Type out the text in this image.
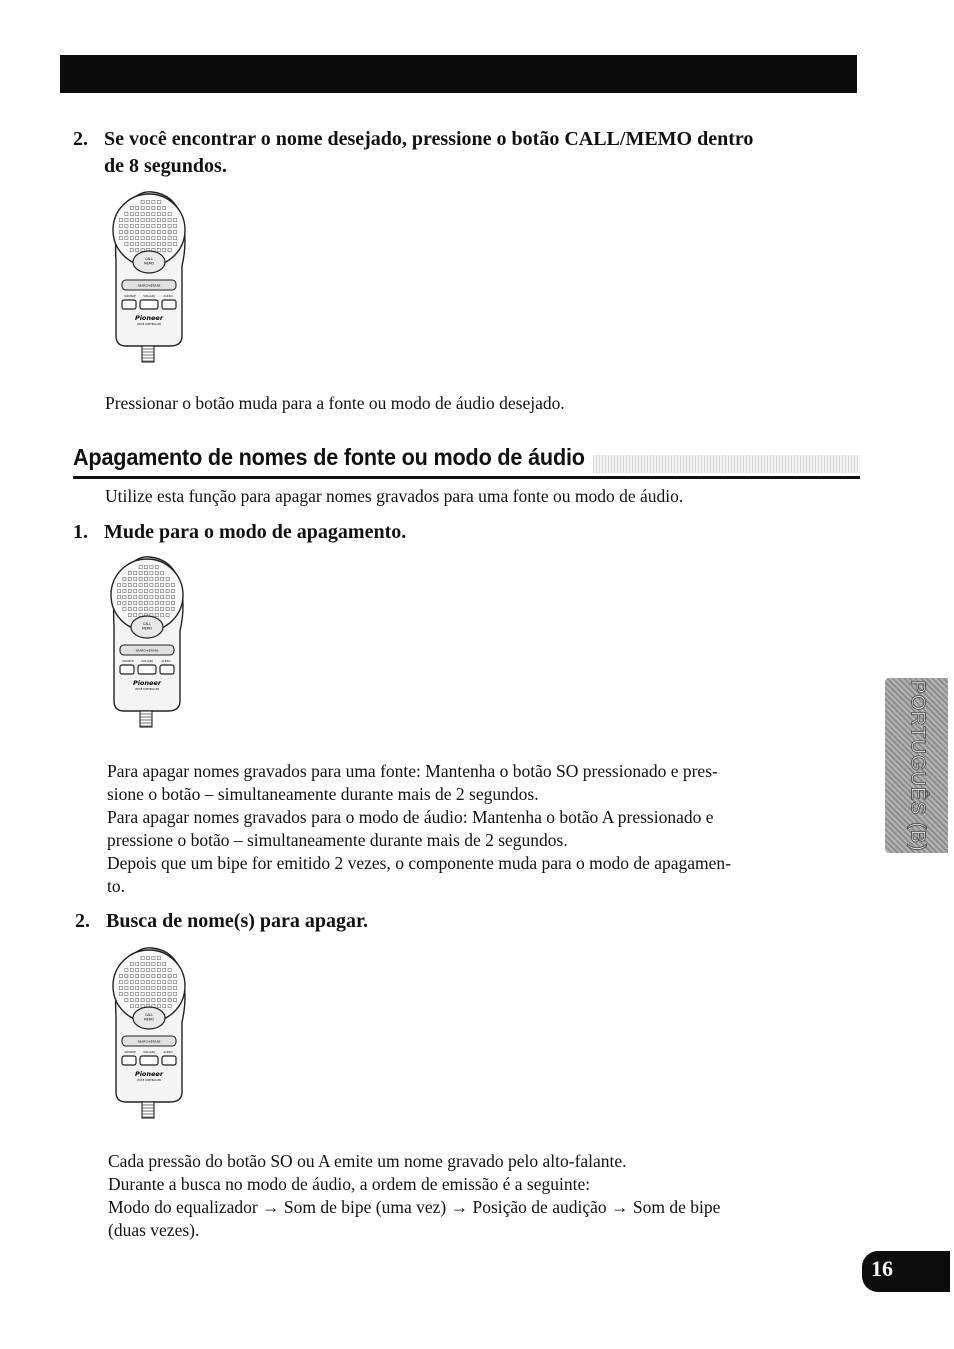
2. Se você encontrar o nome desejado, pressione o botão CALL/MEMO dentro
de 8 segundos.
CALL
MEMO
SEARCH/ERASE
SOURCE	VOL/ADJ	AUDIO
Pioneer
VOICE CONTROLLER
Pressionar o botão muda para a fonte ou modo de áudio desejado.
Apagamento de nomes de fonte ou modo de áudio
Utilize esta função para apagar nomes gravados para uma fonte ou modo de áudio.
1. Mude para o modo de apagamento.
CALL
MEMO
SEARCH/ERASE
SOURCE	VOL/ADJ	AUDIO
Pioneer
VOICE CONTROLLER
Para apagar nomes gravados para uma fonte: Mantenha o botão SO pressionado e pres-
sione o botão – simultaneamente durante mais de 2 segundos.
Para apagar nomes gravados para o modo de áudio: Mantenha o botão A pressionado e
pressione o botão – simultaneamente durante mais de 2 segundos.
Depois que um bipe for emitido 2 vezes, o componente muda para o modo de apagamen-
to.
2. Busca de nome(s) para apagar.
CALL
MEMO
SEARCH/ERASE
SOURCE	VOL/ADJ	AUDIO
Pioneer
VOICE CONTROLLER
Cada pressão do botão SO ou A emite um nome gravado pelo alto-falante.
Durante a busca no modo de áudio, a ordem de emissão é a seguinte:
Modo do equalizador → Som de bipe (uma vez) → Posição de audição → Som de bipe
(duas vezes).
PORTUGUÊS (B)
16
